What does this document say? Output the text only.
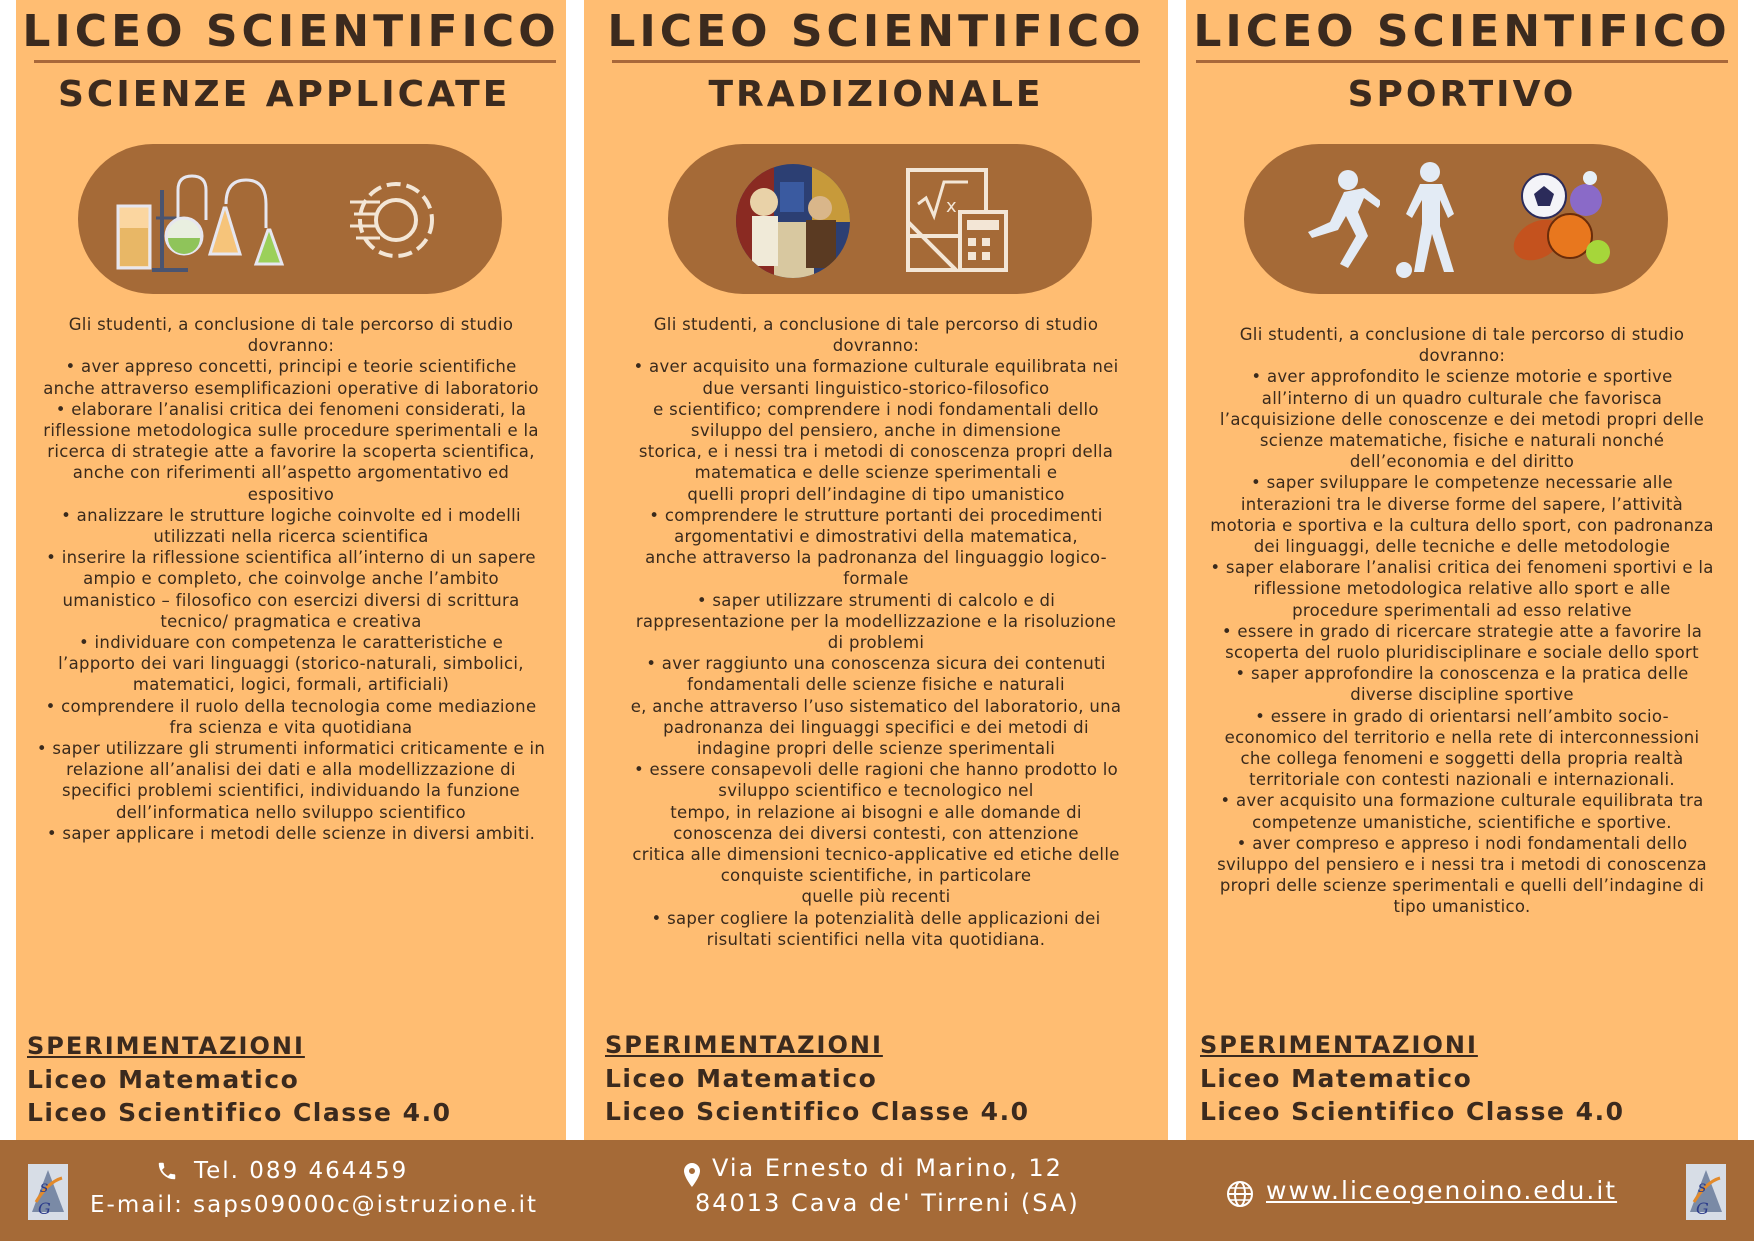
LICEO SCIENTIFICO
SCIENZE APPLICATE

Gli studenti, a conclusione di tale percorso di studio

dovranno:

• aver appreso concetti, principi e teorie scientifiche

anche attraverso esemplificazioni operative di laboratorio

• elaborare l’analisi critica dei fenomeni considerati, la

riflessione metodologica sulle procedure sperimentali e la

ricerca di strategie atte a favorire la scoperta scientifica,

anche con riferimenti all’aspetto argomentativo ed

espositivo

• analizzare le strutture logiche coinvolte ed i modelli

utilizzati nella ricerca scientifica

• inserire la riflessione scientifica all’interno di un sapere

ampio e completo, che coinvolge anche l’ambito

umanistico – filosofico con esercizi diversi di scrittura

tecnico/ pragmatica e creativa

• individuare con competenza le caratteristiche e

l’apporto dei vari linguaggi (storico-naturali, simbolici,

matematici, logici, formali, artificiali)

• comprendere il ruolo della tecnologia come mediazione

fra scienza e vita quotidiana

• saper utilizzare gli strumenti informatici criticamente e in

relazione all’analisi dei dati e alla modellizzazione di

specifici problemi scientifici, individuando la funzione

dell’informatica nello sviluppo scientifico

• saper applicare i metodi delle scienze in diversi ambiti.

SPERIMENTAZIONI
Liceo Matematico
Liceo Scientifico Classe 4.0
LICEO SCIENTIFICO
TRADIZIONALE
x

Gli studenti, a conclusione di tale percorso di studio

dovranno:

• aver acquisito una formazione culturale equilibrata nei

due versanti linguistico-storico-filosofico

e scientifico; comprendere i nodi fondamentali dello

sviluppo del pensiero, anche in dimensione

storica, e i nessi tra i metodi di conoscenza propri della

matematica e delle scienze sperimentali e

quelli propri dell’indagine di tipo umanistico

• comprendere le strutture portanti dei procedimenti

argomentativi e dimostrativi della matematica,

anche attraverso la padronanza del linguaggio logico-

formale

• saper utilizzare strumenti di calcolo e di

rappresentazione per la modellizzazione e la risoluzione

di problemi

• aver raggiunto una conoscenza sicura dei contenuti

fondamentali delle scienze fisiche e naturali

e, anche attraverso l’uso sistematico del laboratorio, una

padronanza dei linguaggi specifici e dei metodi di

indagine propri delle scienze sperimentali

• essere consapevoli delle ragioni che hanno prodotto lo

sviluppo scientifico e tecnologico nel

tempo, in relazione ai bisogni e alle domande di

conoscenza dei diversi contesti, con attenzione

critica alle dimensioni tecnico-applicative ed etiche delle

conquiste scientifiche, in particolare

quelle più recenti

• saper cogliere la potenzialità delle applicazioni dei

risultati scientifici nella vita quotidiana.

SPERIMENTAZIONI
Liceo Matematico
Liceo Scientifico Classe 4.0
LICEO SCIENTIFICO
SPORTIVO

Gli studenti, a conclusione di tale percorso di studio

dovranno:

• aver approfondito le scienze motorie e sportive

all’interno di un quadro culturale che favorisca

l’acquisizione delle conoscenze e dei metodi propri delle

scienze matematiche, fisiche e naturali nonché

dell’economia e del diritto

• saper sviluppare le competenze necessarie alle

interazioni tra le diverse forme del sapere, l’attività

motoria e sportiva e la cultura dello sport, con padronanza

dei linguaggi, delle tecniche e delle metodologie

• saper elaborare l’analisi critica dei fenomeni sportivi e la

riflessione metodologica relative allo sport e alle

procedure sperimentali ad esso relative

• essere in grado di ricercare strategie atte a favorire la

scoperta del ruolo pluridisciplinare e sociale dello sport

• saper approfondire la conoscenza e la pratica delle

diverse discipline sportive

• essere in grado di orientarsi nell’ambito socio-

economico del territorio e nella rete di interconnessioni

che collega fenomeni e soggetti della propria realtà

territoriale con contesti nazionali e internazionali.

• aver acquisito una formazione culturale equilibrata tra

competenze umanistiche, scientifiche e sportive.

• aver compreso e appreso i nodi fondamentali dello

sviluppo del pensiero e i nessi tra i metodi di conoscenza

propri delle scienze sperimentali e quelli dell’indagine di

tipo umanistico.

SPERIMENTAZIONI
Liceo Matematico
Liceo Scientifico Classe 4.0
s
G
Tel. 089 464459
E-mail: saps09000c@istruzione.it
Via Ernesto di Marino, 12
84013 Cava de' Tirreni (SA)	www.liceogenoino.edu.it	s
G
